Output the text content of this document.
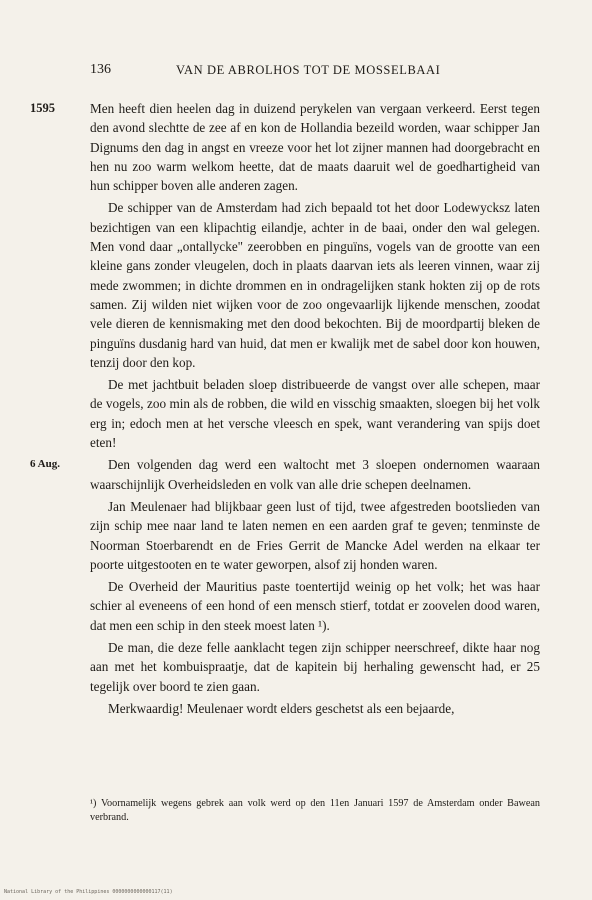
136	VAN DE ABROLHOS TOT DE MOSSELBAAI

1595	Men heeft dien heelen dag in duizend perykelen van vergaan verkeerd. Eerst tegen den avond slechtte de zee af en kon de Hollandia bezeild worden, waar schipper Jan Dignums den dag in angst en vreeze voor het lot zijner mannen had doorgebracht en hen nu zoo warm welkom heette, dat de maats daaruit wel de goedhartigheid van hun schipper boven alle anderen zagen.

De schipper van de Amsterdam had zich bepaald tot het door Lodewycksz laten bezichtigen van een klipachtig eilandje, achter in de baai, onder den wal gelegen. Men vond daar „ontallycke" zeerobben en pinguïns, vogels van de grootte van een kleine gans zonder vleugelen, doch in plaats daarvan iets als leeren vinnen, waar zij mede zwommen; in dichte drommen en in ondragelijken stank hokten zij op de rots samen. Zij wilden niet wijken voor de zoo ongevaarlijk lijkende menschen, zoodat vele dieren de kennismaking met den dood bekochten. Bij de moordpartij bleken de pinguïns dusdanig hard van huid, dat men er kwalijk met de sabel door kon houwen, tenzij door den kop.

De met jachtbuit beladen sloep distribueerde de vangst over alle schepen, maar de vogels, zoo min als de robben, die wild en visschig smaakten, sloegen bij het volk erg in; edoch men at het versche vleesch en spek, want verandering van spijs doet eten!

6 Aug.	Den volgenden dag werd een waltocht met 3 sloepen ondernomen waaraan waarschijnlijk Overheidsleden en volk van alle drie schepen deelnamen.

Jan Meulenaer had blijkbaar geen lust of tijd, twee afgestreden bootslieden van zijn schip mee naar land te laten nemen en een aarden graf te geven; tenminste de Noorman Stoerbarendt en de Fries Gerrit de Mancke Adel werden na elkaar ter poorte uitgestooten en te water geworpen, alsof zij honden waren.

De Overheid der Mauritius paste toentertijd weinig op het volk; het was haar schier al eveneens of een hond of een mensch stierf, totdat er zoovelen dood waren, dat men een schip in den steek moest laten ¹).

De man, die deze felle aanklacht tegen zijn schipper neerschreef, dikte haar nog aan met het kombuispraatje, dat de kapitein bij herhaling gewenscht had, er 25 tegelijk over boord te zien gaan.

Merkwaardig! Meulenaer wordt elders geschetst als een bejaarde,

¹) Voornamelijk wegens gebrek aan volk werd op den 11en Januari 1597 de Amsterdam onder Bawean verbrand.
National Library of the Philippines 0000000000000117(11)
